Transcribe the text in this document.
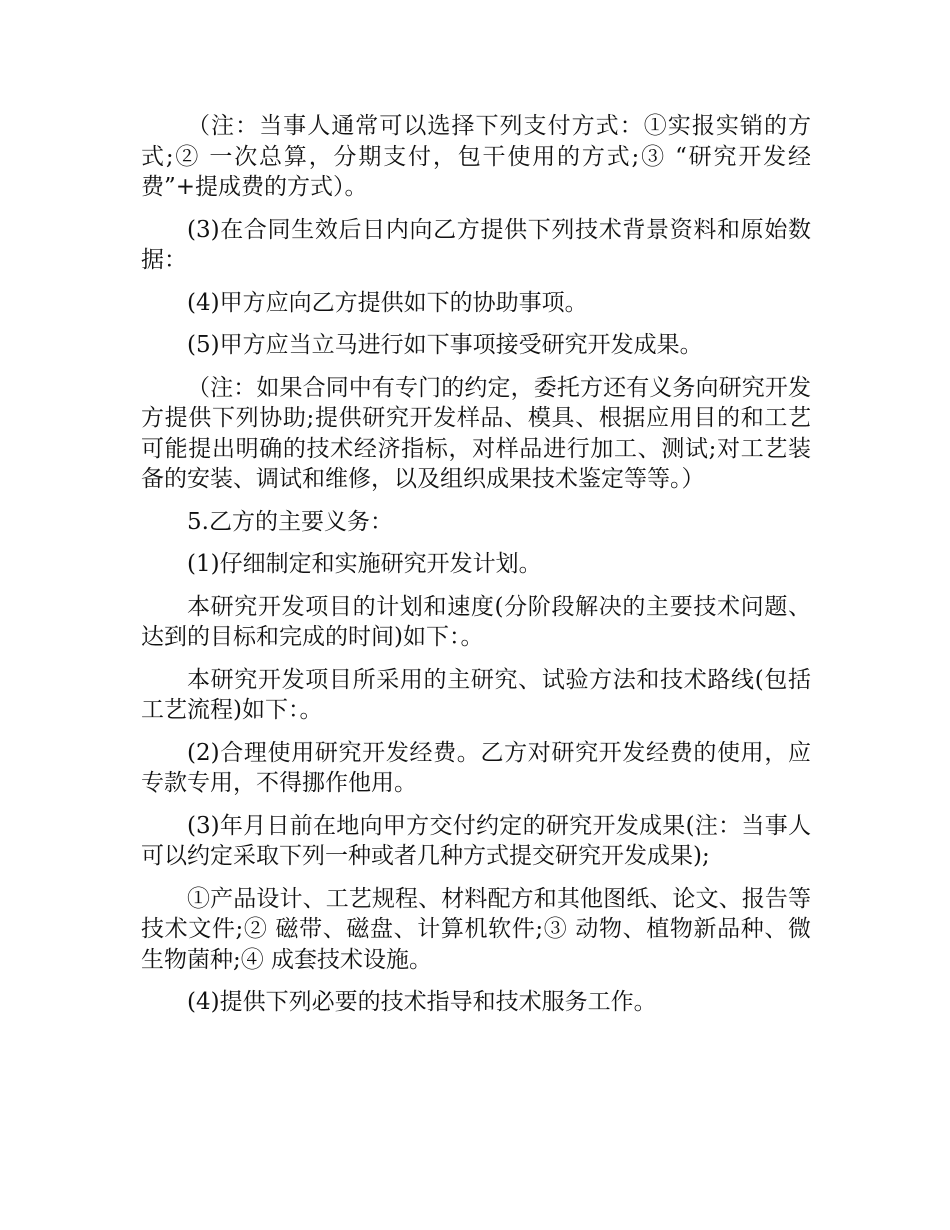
（注：当事人通常可以选择下列支付方式：①实报实销的方式;② 一次总算，分期支付，包干使用的方式;③ “研究开发经费”+提成费的方式）。

(3)在合同生效后日内向乙方提供下列技术背景资料和原始数据：

(4)甲方应向乙方提供如下的协助事项。

(5)甲方应当立马进行如下事项接受研究开发成果。

（注：如果合同中有专门的约定，委托方还有义务向研究开发方提供下列协助;提供研究开发样品、模具、根据应用目的和工艺可能提出明确的技术经济指标，对样品进行加工、测试;对工艺装备的安装、调试和维修，以及组织成果技术鉴定等等。）

5.乙方的主要义务：

(1)仔细制定和实施研究开发计划。

本研究开发项目的计划和速度(分阶段解决的主要技术问题、达到的目标和完成的时间)如下：。

本研究开发项目所采用的主研究、试验方法和技术路线(包括工艺流程)如下：。

(2)合理使用研究开发经费。乙方对研究开发经费的使用，应专款专用，不得挪作他用。

(3)年月日前在地向甲方交付约定的研究开发成果(注：当事人可以约定采取下列一种或者几种方式提交研究开发成果);

①产品设计、工艺规程、材料配方和其他图纸、论文、报告等技术文件;② 磁带、磁盘、计算机软件;③ 动物、植物新品种、微生物菌种;④ 成套技术设施。

(4)提供下列必要的技术指导和技术服务工作。
